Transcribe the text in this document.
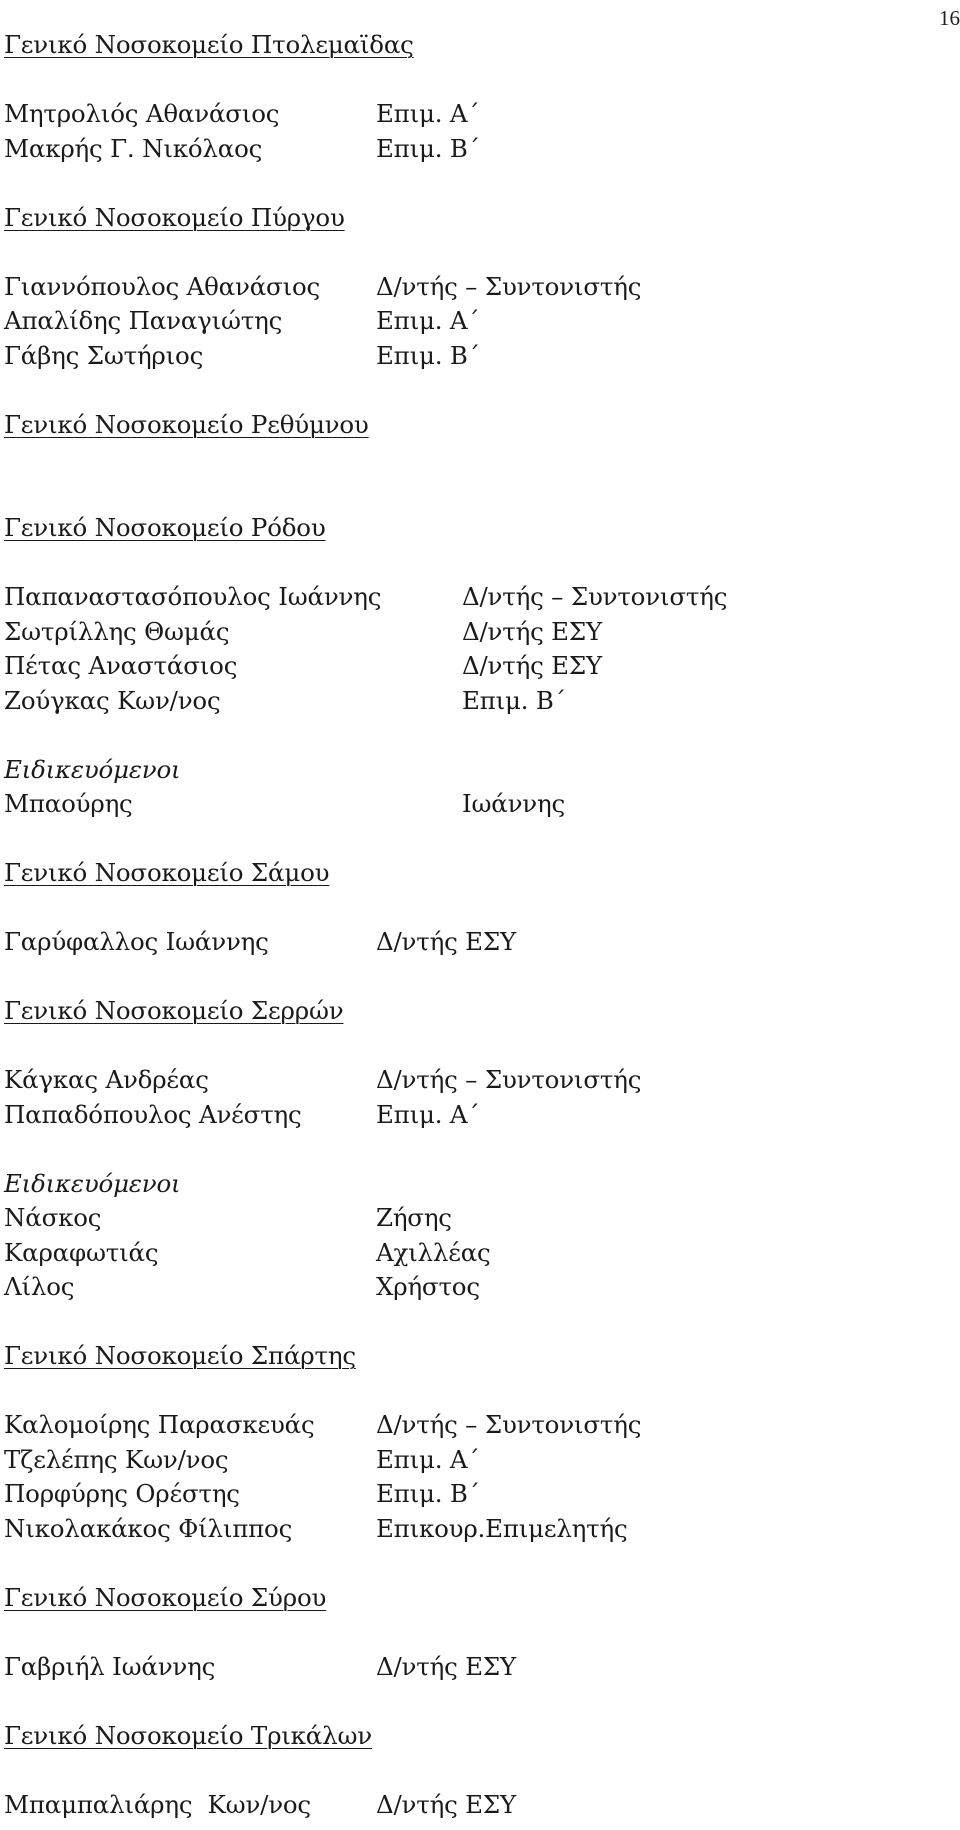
16
Γενικό Νοσοκομείο Πτολεμαϊδας
Μητρολιός Αθανάσιος	Επιμ. Α΄
Μακρής Γ. Νικόλαος	Επιμ. Β΄
Γενικό Νοσοκομείο Πύργου
Γιαννόπουλος Αθανάσιος	Δ/ντής – Συντονιστής
Απαλίδης Παναγιώτης	Επιμ. Α΄
Γάβης Σωτήριος	Επιμ. Β΄
Γενικό Νοσοκομείο Ρεθύμνου
Γενικό Νοσοκομείο Ρόδου
Παπαναστασόπουλος Ιωάννης	Δ/ντής – Συντονιστής
Σωτρίλλης Θωμάς	Δ/ντής ΕΣΥ
Πέτας Αναστάσιος	Δ/ντής ΕΣΥ
Ζούγκας Κων/νος	Επιμ. Β΄
Ειδικευόμενοι
Μπαούρης	Ιωάννης
Γενικό Νοσοκομείο Σάμου
Γαρύφαλλος Ιωάννης	Δ/ντής ΕΣΥ
Γενικό Νοσοκομείο Σερρών
Κάγκας Ανδρέας	Δ/ντής – Συντονιστής
Παπαδόπουλος Ανέστης	Επιμ. Α΄
Ειδικευόμενοι
Νάσκος	Ζήσης
Καραφωτιάς	Αχιλλέας
Λίλος	Χρήστος
Γενικό Νοσοκομείο Σπάρτης
Καλομοίρης Παρασκευάς	Δ/ντής – Συντονιστής
Τζελέπης Κων/νος	Επιμ. Α΄
Πορφύρης Ορέστης	Επιμ. Β΄
Νικολακάκος Φίλιππος	Επικουρ.Επιμελητής
Γενικό Νοσοκομείο Σύρου
Γαβριήλ Ιωάννης	Δ/ντής ΕΣΥ
Γενικό Νοσοκομείο Τρικάλων
Μπαμπαλιάρης  Κων/νος	Δ/ντής ΕΣΥ
